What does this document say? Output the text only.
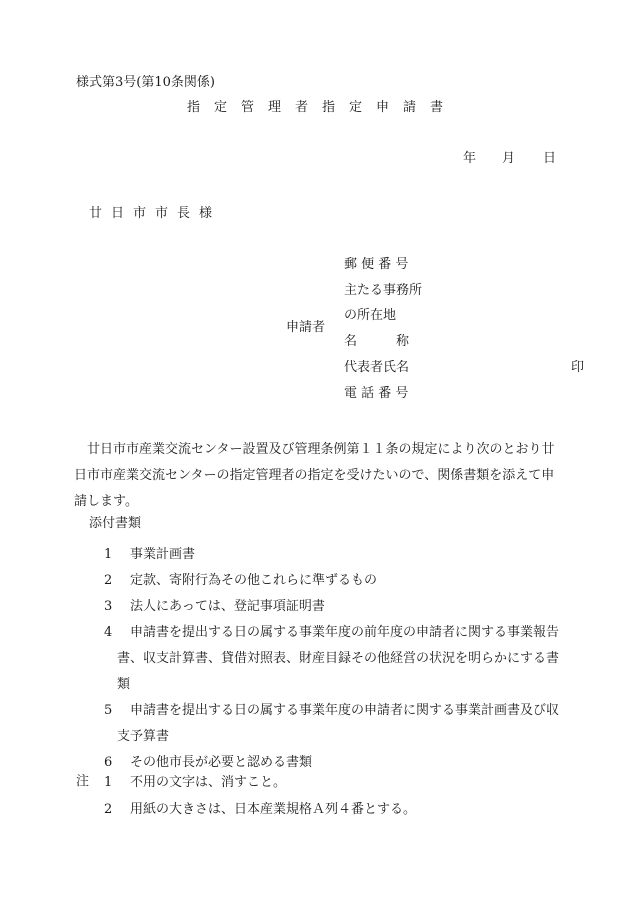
様式第3号(第10条関係)
指定管理者指定申請書
年 月 日
廿日市市長様
申請者
郵 便 番 号
主たる事務所
の所在地
名　　　称
代表者氏名	印
電 話 番 号
廿日市市産業交流センター設置及び管理条例第１１条の規定により次のとおり廿日市市産業交流センターの指定管理者の指定を受けたいので、関係書類を添えて申請します。
添付書類
1 事業計画書
2 定款、寄附行為その他これらに準ずるもの
3 法人にあっては、登記事項証明書
4	申請書を提出する日の属する事業年度の前年度の申請者に関する事業報告書、収支計算書、貸借対照表、財産目録その他経営の状況を明らかにする書類
5	申請書を提出する日の属する事業年度の申請者に関する事業計画書及び収支予算書
6 その他市長が必要と認める書類
注 1 不用の文字は、消すこと。
2 用紙の大きさは、日本産業規格Ａ列４番とする。
